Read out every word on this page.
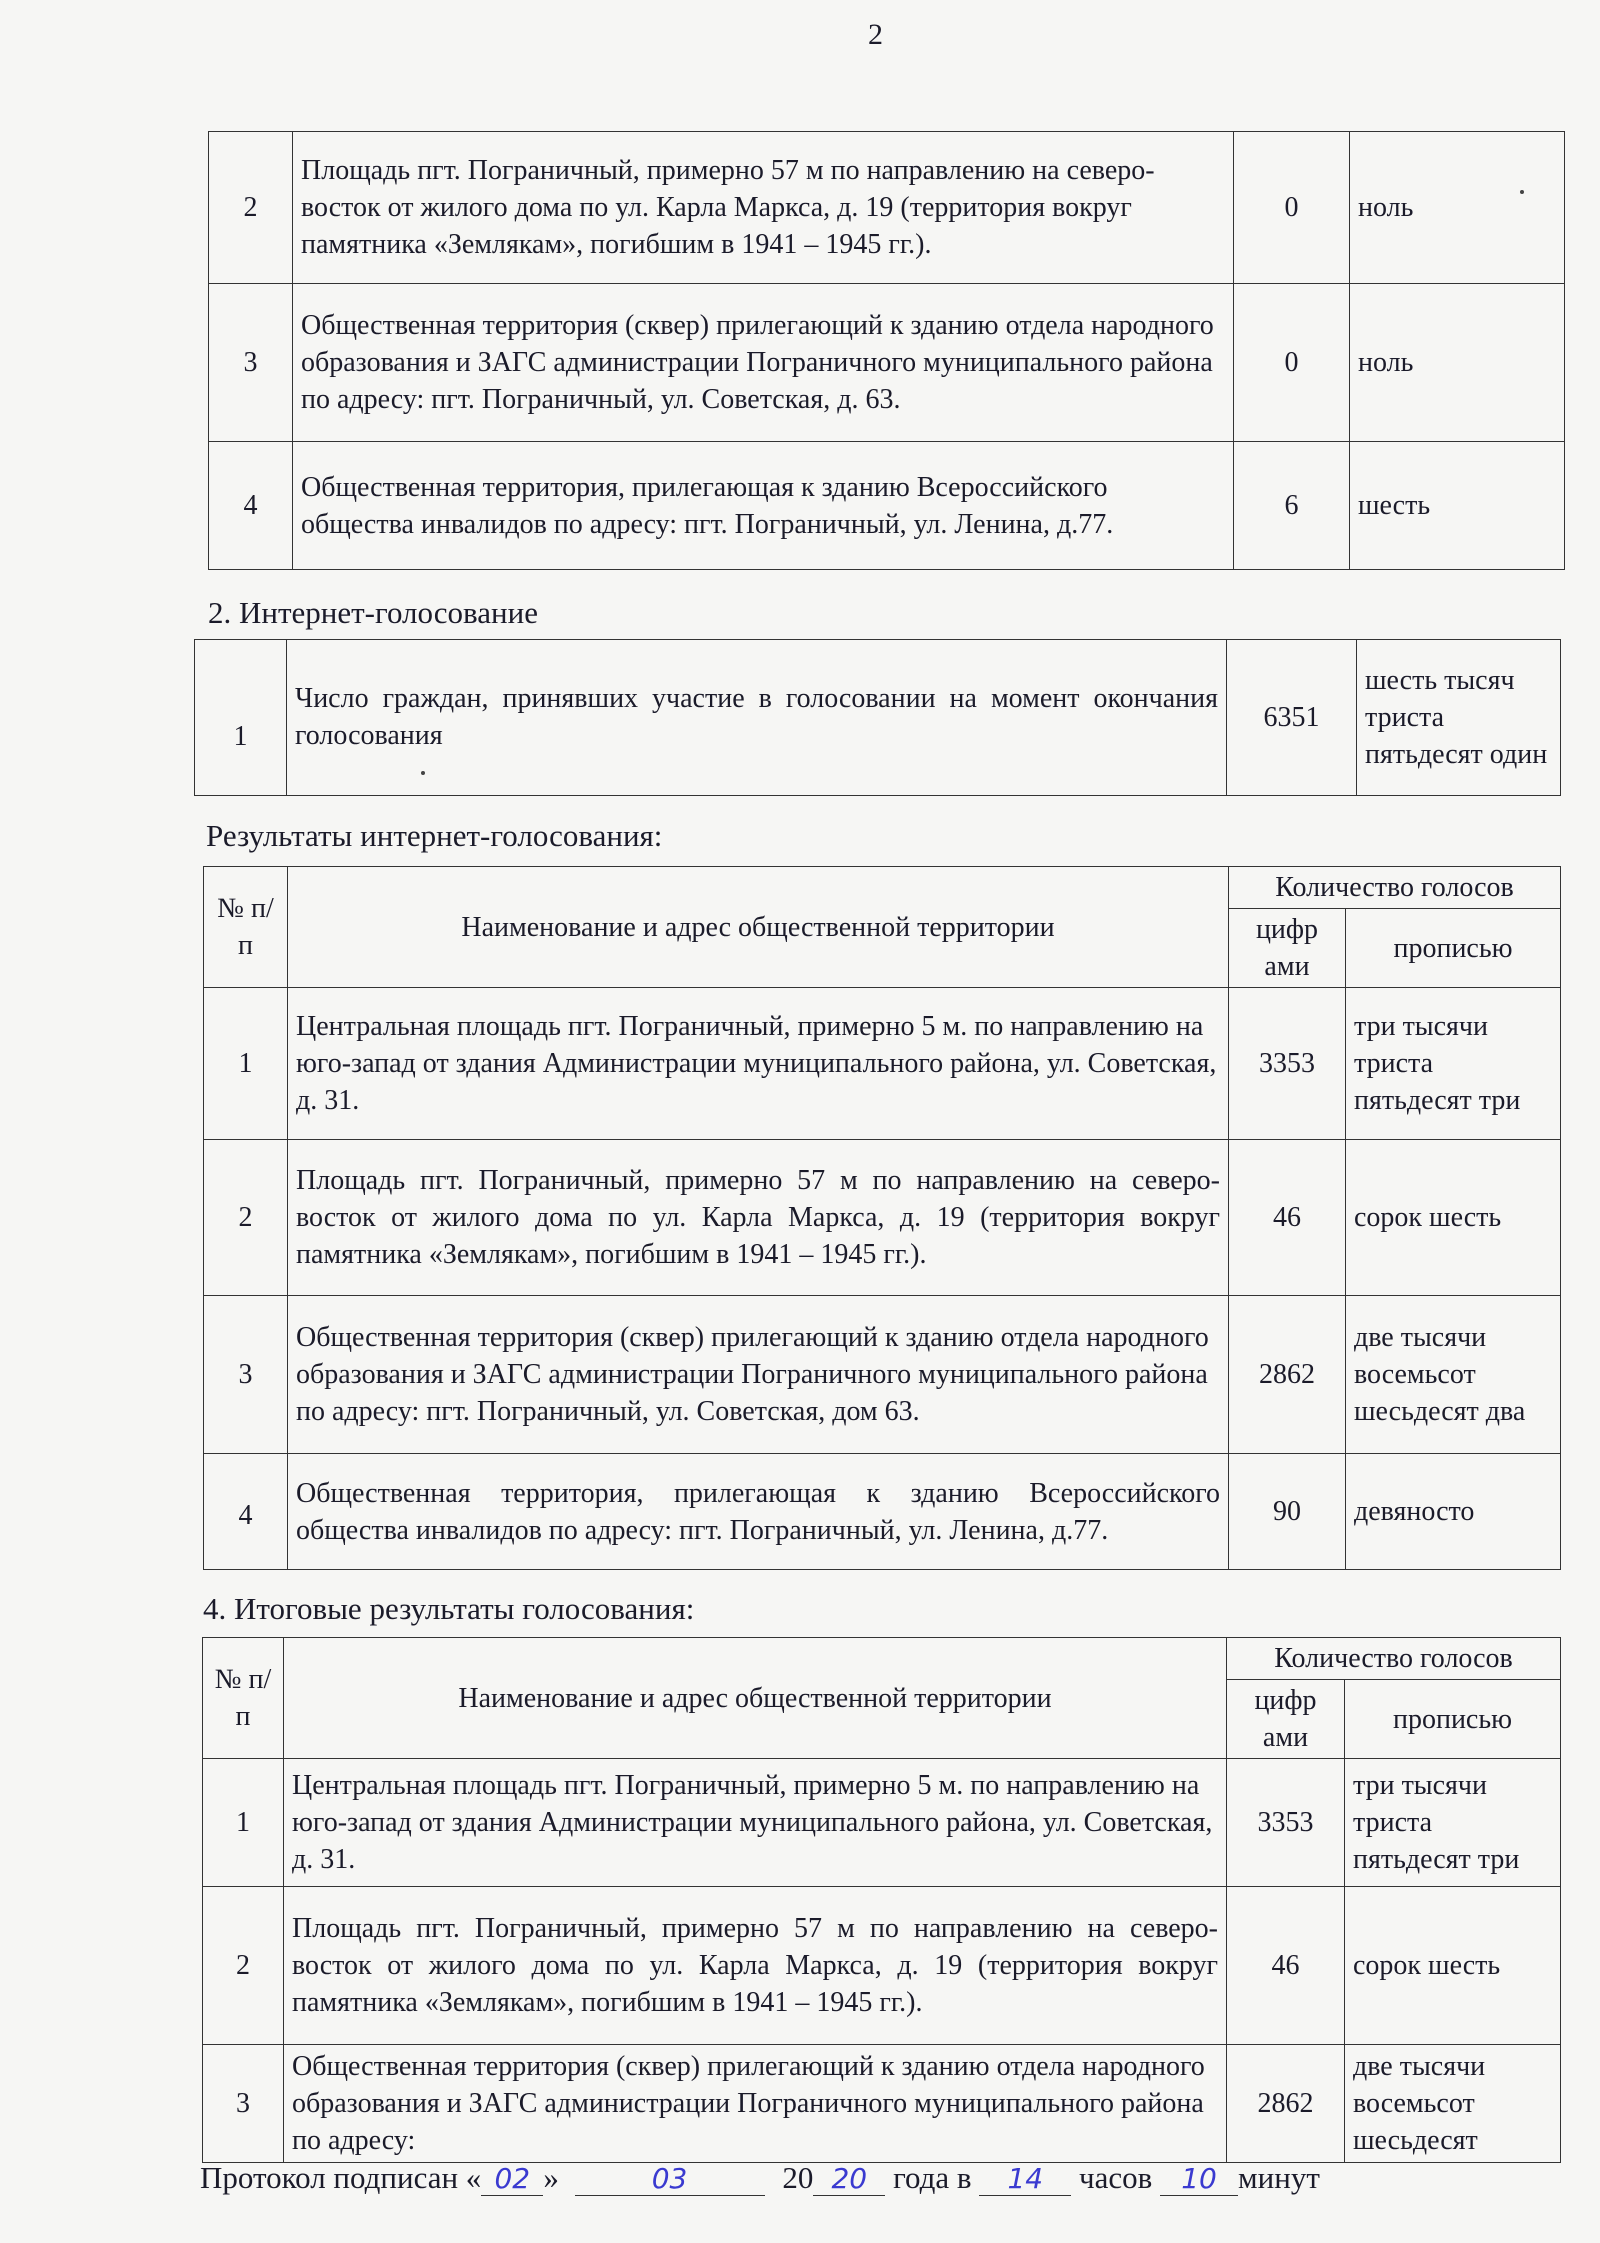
2
2	Площадь пгт. Пограничный, примерно 57 м по направлению на северо-восток от жилого дома по ул. Карла Маркса, д. 19 (территория вокруг памятника «Землякам», погибшим в 1941 – 1945 гг.).	0	ноль
3	Общественная территория (сквер) прилегающий к зданию отдела народного образования и ЗАГС администрации Пограничного муниципального района по адресу: пгт. Пограничный, ул. Советская, д. 63.	0	ноль
4	Общественная территория, прилегающая к зданию Всероссийского общества инвалидов по адресу: пгт. Пограничный, ул. Ленина, д.77.	6	шесть
2. Интернет-голосование
1	Число граждан, принявших участие в голосовании на момент окончания голосования	6351	шесть тысяч триста пятьдесят один
Результаты интернет-голосования:
№ п/п	Наименование и адрес общественной территории	Количество голосов	
		цифр ами	прописью
1	Центральная площадь пгт. Пограничный, примерно 5 м. по направлению на юго-запад от здания Администрации муниципального района, ул. Советская, д. 31.	3353	три тысячи триста пятьдесят три
2	Площадь пгт. Пограничный, примерно 57 м по направлению на северо-восток от жилого дома по ул. Карла Маркса, д. 19 (территория вокруг памятника «Землякам», погибшим в 1941 – 1945 гг.).	46	сорок шесть
3	Общественная территория (сквер) прилегающий к зданию отдела народного образования и ЗАГС администрации Пограничного муниципального района по адресу: пгт. Пограничный, ул. Советская, дом 63.	2862	две тысячи восемьсот шесьдесят два
4	Общественная территория, прилегающая к зданию Всероссийского общества инвалидов по адресу: пгт. Пограничный, ул. Ленина, д.77.	90	девяносто
4. Итоговые результаты голосования:
№ п/п	Наименование и адрес общественной территории	Количество голосов	
		цифр ами	прописью
1	Центральная площадь пгт. Пограничный, примерно 5 м. по направлению на юго-запад от здания Администрации муниципального района, ул. Советская, д. 31.	3353	три тысячи триста пятьдесят три
2	Площадь пгт. Пограничный, примерно 57 м по направлению на северо-восток от жилого дома по ул. Карла Маркса, д. 19 (территория вокруг памятника «Землякам», погибшим в 1941 – 1945 гг.).	46	сорок шесть
3	Общественная территория (сквер) прилегающий к зданию отдела народного образования и ЗАГС администрации Пограничного муниципального района по адресу:	2862	две тысячи восемьсот шесьдесят
Протокол подписан « 02 »	03	20 20 года в 14 часов 10 минут
